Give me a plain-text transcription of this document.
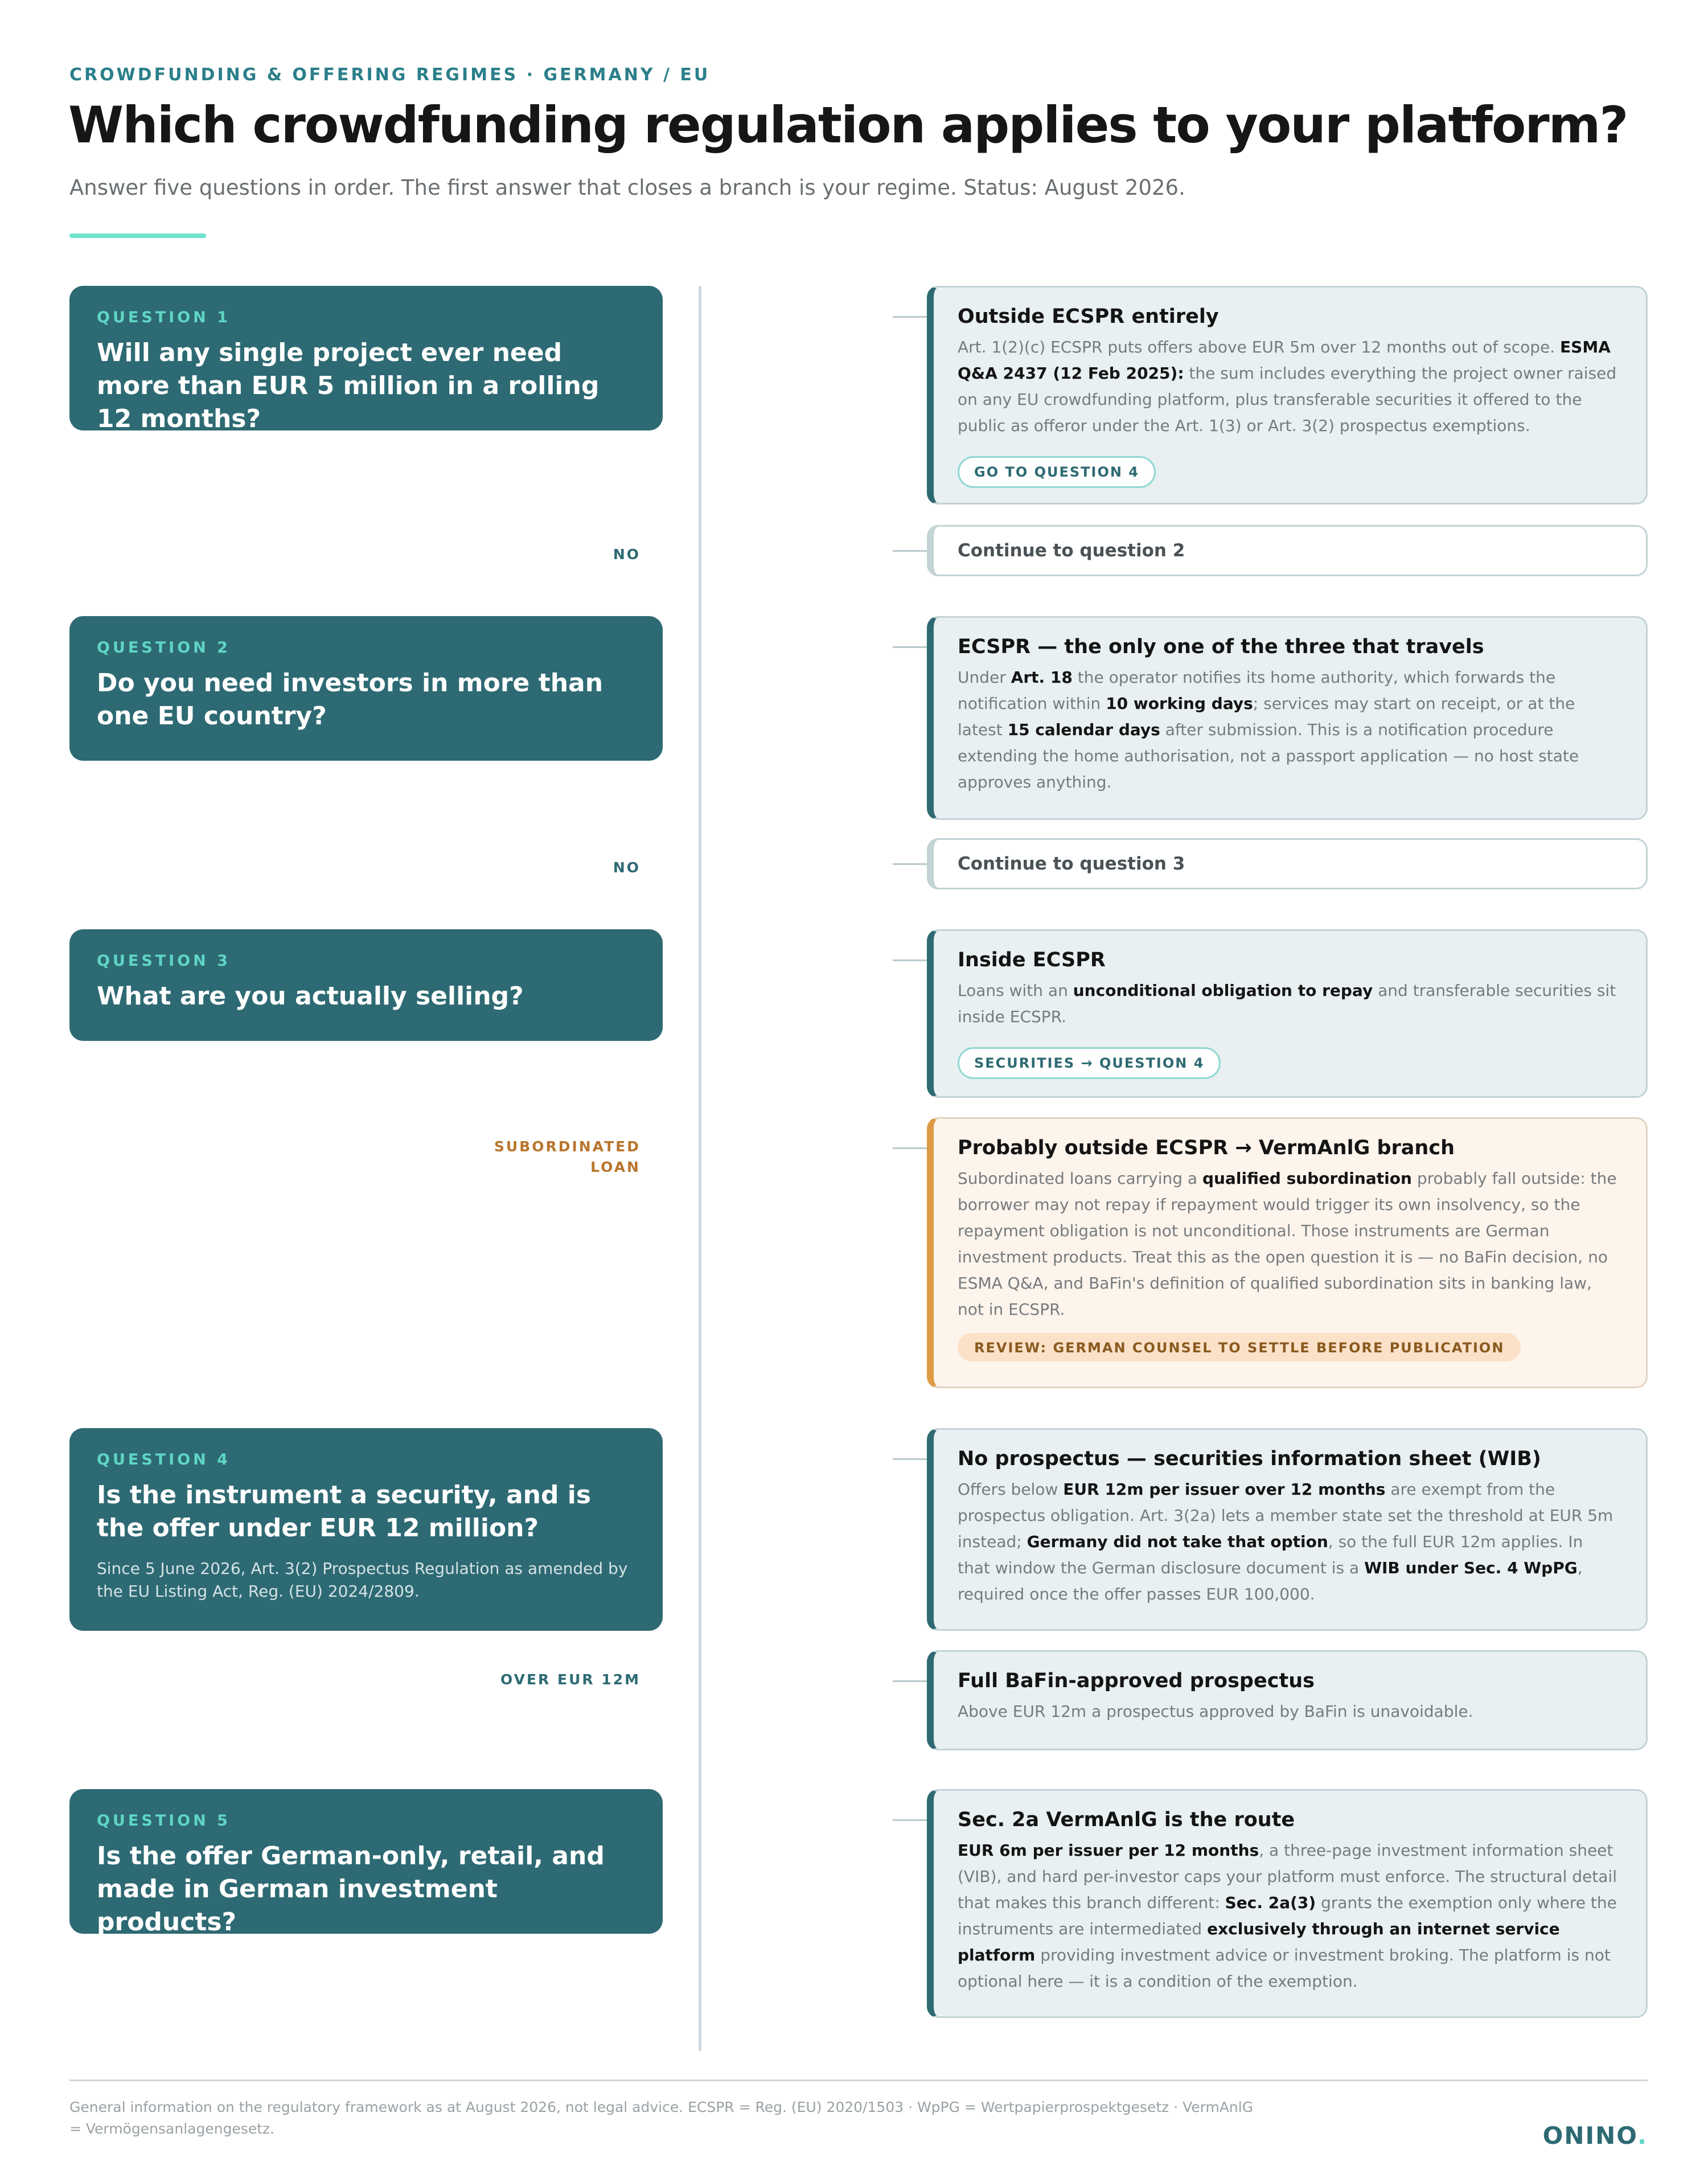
CROWDFUNDING & OFFERING REGIMES · GERMANY / EU
Which crowdfunding regulation applies to your platform?
Answer five questions in order. The first answer that closes a branch is your regime. Status: August 2026.
QUESTION 1
Will any single project ever need more than EUR 5 million in a rolling 12 months?
QUESTION 2
Do you need investors in more than one EU country?
QUESTION 3
What are you actually selling?
QUESTION 4
Is the instrument a security, and is the offer under EUR 12 million?
Since 5 June 2026, Art. 3(2) Prospectus Regulation as amended by the EU Listing Act, Reg. (EU) 2024/2809.
QUESTION 5
Is the offer German-only, retail, and made in German investment products?
YES
NO
YES
NO
LOAN OR
SECURITY
SUBORDINATED
LOAN
UNDER EUR 12M
OVER EUR 12M
YES
Outside ECSPR entirely
Art. 1(2)(c) ECSPR puts offers above EUR 5m over 12 months out of scope. ESMA Q&A 2437 (12 Feb 2025): the sum includes everything the project owner raised on any EU crowdfunding platform, plus transferable securities it offered to the public as offeror under the Art. 1(3) or Art. 3(2) prospectus exemptions.
GO TO QUESTION 4
Continue to question 2
ECSPR — the only one of the three that travels
Under Art. 18 the operator notifies its home authority, which forwards the notification within 10 working days; services may start on receipt, or at the latest 15 calendar days after submission. This is a notification procedure extending the home authorisation, not a passport application — no host state approves anything.
Continue to question 3
Inside ECSPR
Loans with an unconditional obligation to repay and transferable securities sit inside ECSPR.
SECURITIES → QUESTION 4
Probably outside ECSPR → VermAnlG branch
Subordinated loans carrying a qualified subordination probably fall outside: the borrower may not repay if repayment would trigger its own insolvency, so the repayment obligation is not unconditional. Those instruments are German investment products. Treat this as the open question it is — no BaFin decision, no ESMA Q&A, and BaFin's definition of qualified subordination sits in banking law, not in ECSPR.
REVIEW: GERMAN COUNSEL TO SETTLE BEFORE PUBLICATION
No prospectus — securities information sheet (WIB)
Offers below EUR 12m per issuer over 12 months are exempt from the prospectus obligation. Art. 3(2a) lets a member state set the threshold at EUR 5m instead; Germany did not take that option, so the full EUR 12m applies. In that window the German disclosure document is a WIB under Sec. 4 WpPG, required once the offer passes EUR 100,000.
Full BaFin-approved prospectus
Above EUR 12m a prospectus approved by BaFin is unavoidable.
Sec. 2a VermAnlG is the route
EUR 6m per issuer per 12 months, a three-page investment information sheet (VIB), and hard per-investor caps your platform must enforce. The structural detail that makes this branch different: Sec. 2a(3) grants the exemption only where the instruments are intermediated exclusively through an internet service platform providing investment advice or investment broking. The platform is not optional here — it is a condition of the exemption.
General information on the regulatory framework as at August 2026, not legal advice. ECSPR = Reg. (EU) 2020/1503 · WpPG = Wertpapierprospektgesetz · VermAnlG = Vermögensanlagengesetz.	ONINO.
